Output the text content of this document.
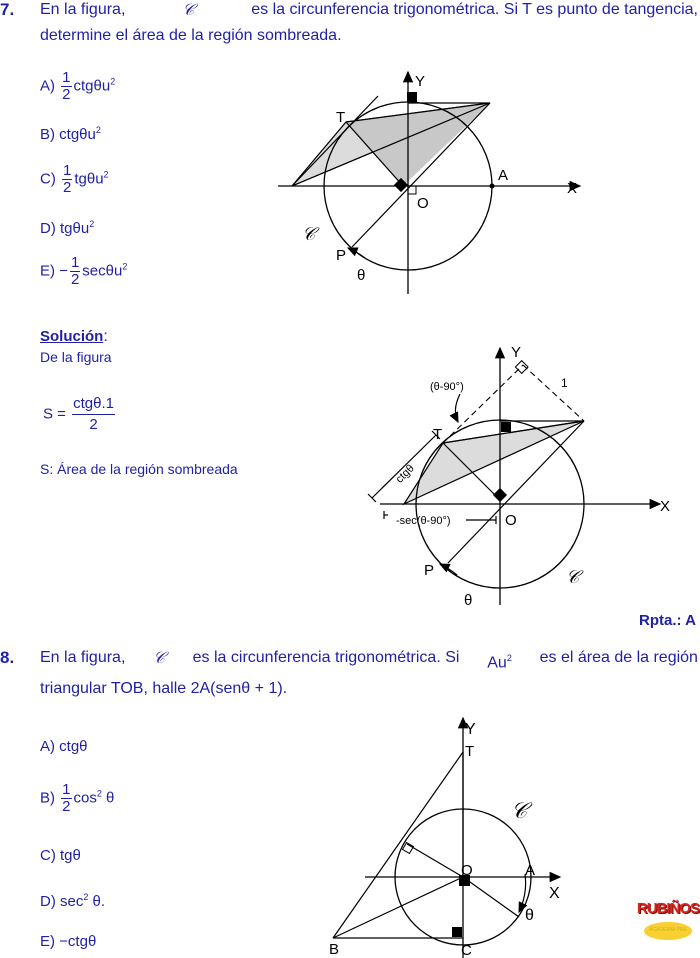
7. En la figura,	𝒞	es la circunferencia trigonométrica. Si T es punto de tangencia,
determine el área de la región sombreada.
$A) \frac{1}{2} ctg\theta u^2$
B) ctgθu$^2$
$C) \frac{1}{2} tg\theta u^2$
D) tgθu$^2$
$E) - \frac{1}{2} \sec\theta u^2$
Y
X
T
A
O
P
θ
𝒞
Solución:
De la figura
$S = \frac{\text{ctgθ.1}}{2}$
S: Área de la región sombreada
Y
X
T
O
P
θ
𝒞
(θ-90°)	1
ctgθ
-sec(θ-90°)
Rpta.: A
8. En la figura, 𝒞 es la circunferencia trigonométrica. Si Au$^2$ es el área de la región
triangular TOB, halle 2A(senθ + 1).
A) ctgθ
$B) \frac{1}{2} \cos^2 \theta$
C) tgθ
D) $\sec^2 \theta$.
E) −ctgθ
Y
X
T
O	A
B	C
θ
𝒞
RUBIÑOS
